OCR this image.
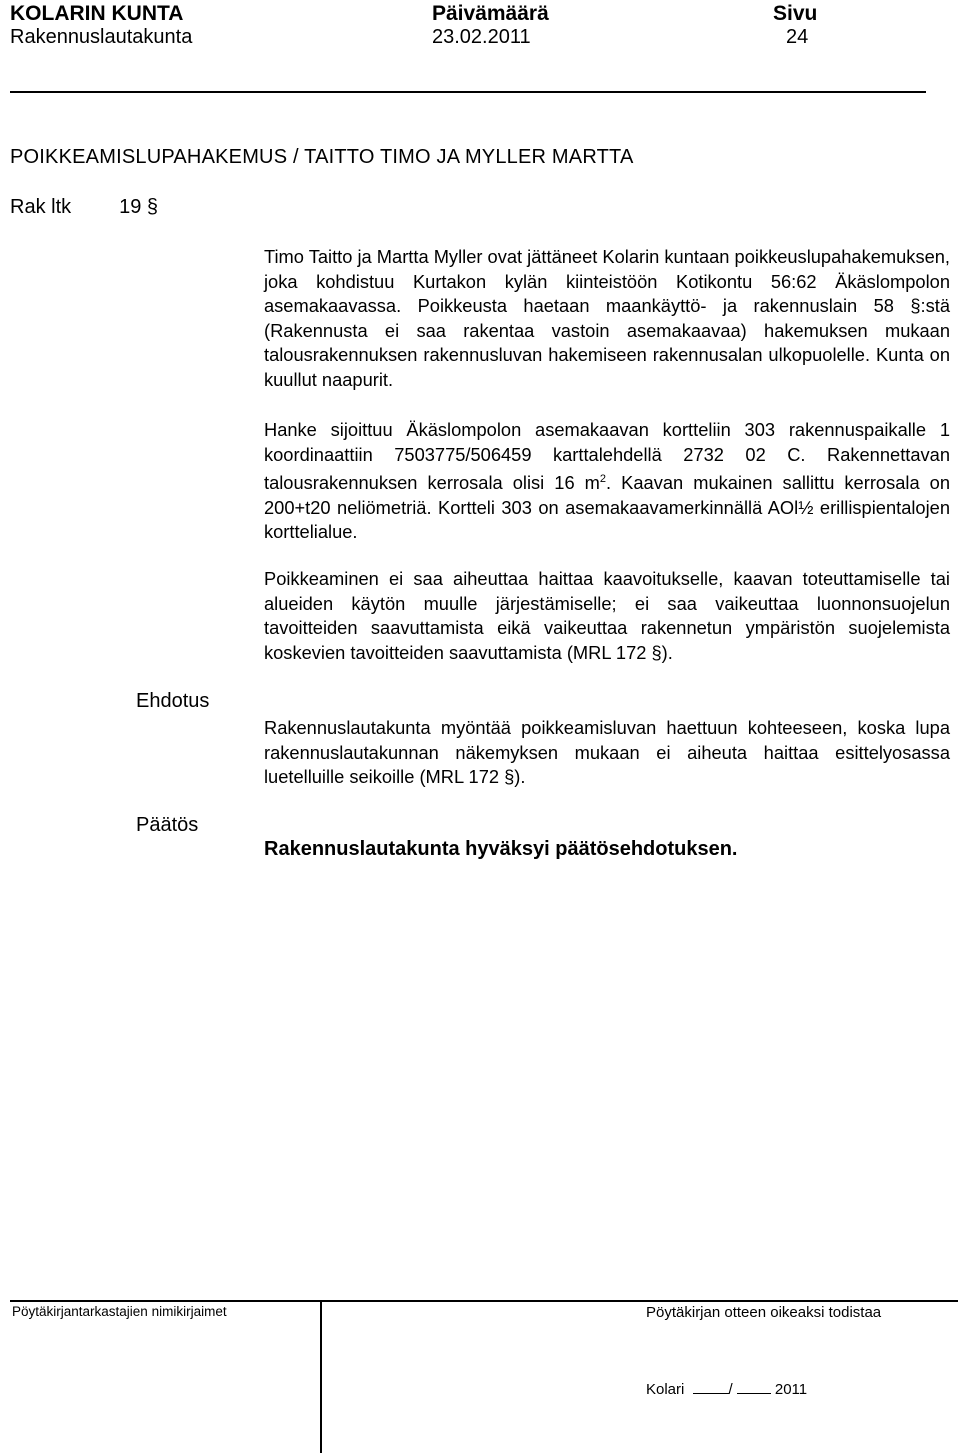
KOLARIN KUNTA
Rakennuslautakunta
Päivämäärä
23.02.2011
Sivu
24
POIKKEAMISLUPAHAKEMUS / TAITTO TIMO JA MYLLER MARTTA
Rak ltk 19 §

Timo Taitto ja Martta Myller ovat jättäneet Kolarin kuntaan poikkeuslupahakemuksen, joka kohdistuu Kurtakon kylän kiinteistöön Kotikontu 56:62 Äkäslompolon asemakaavassa. Poikkeusta haetaan maankäyttö- ja rakennuslain 58 §:stä (Rakennusta ei saa rakentaa vastoin asemakaavaa) hakemuksen mukaan talousrakennuksen rakennusluvan hakemiseen rakennusalan ulkopuolelle. Kunta on kuullut naapurit.

Hanke sijoittuu Äkäslompolon asemakaavan kortteliin 303 rakennuspaikalle 1 koordinaattiin 7503775/506459 karttalehdellä 2732 02 C. Rakennettavan talousrakennuksen kerrosala olisi 16 $m^2$. Kaavan mukainen sallittu kerrosala on 200+t20 neliömetriä. Kortteli 303 on asemakaavamerkinnällä AOl½ erillispientalojen korttelialue.

Poikkeaminen ei saa aiheuttaa haittaa kaavoitukselle, kaavan toteuttamiselle tai alueiden käytön muulle järjestämiselle; ei saa vaikeuttaa luonnonsuojelun tavoitteiden saavuttamista eikä vaikeuttaa rakennetun ympäristön suojelemista koskevien tavoitteiden saavuttamista (MRL 172 §).

Ehdotus

Rakennuslautakunta myöntää poikkeamisluvan haettuun kohteeseen, koska lupa rakennuslautakunnan näkemyksen mukaan ei aiheuta haittaa esittelyosassa luetelluille seikoille (MRL 172 §).

Päätös
Rakennuslautakunta hyväksyi päätösehdotuksen.
Pöytäkirjantarkastajien nimikirjaimet	Pöytäkirjan otteen oikeaksi todistaa
Kolari	/	2011
